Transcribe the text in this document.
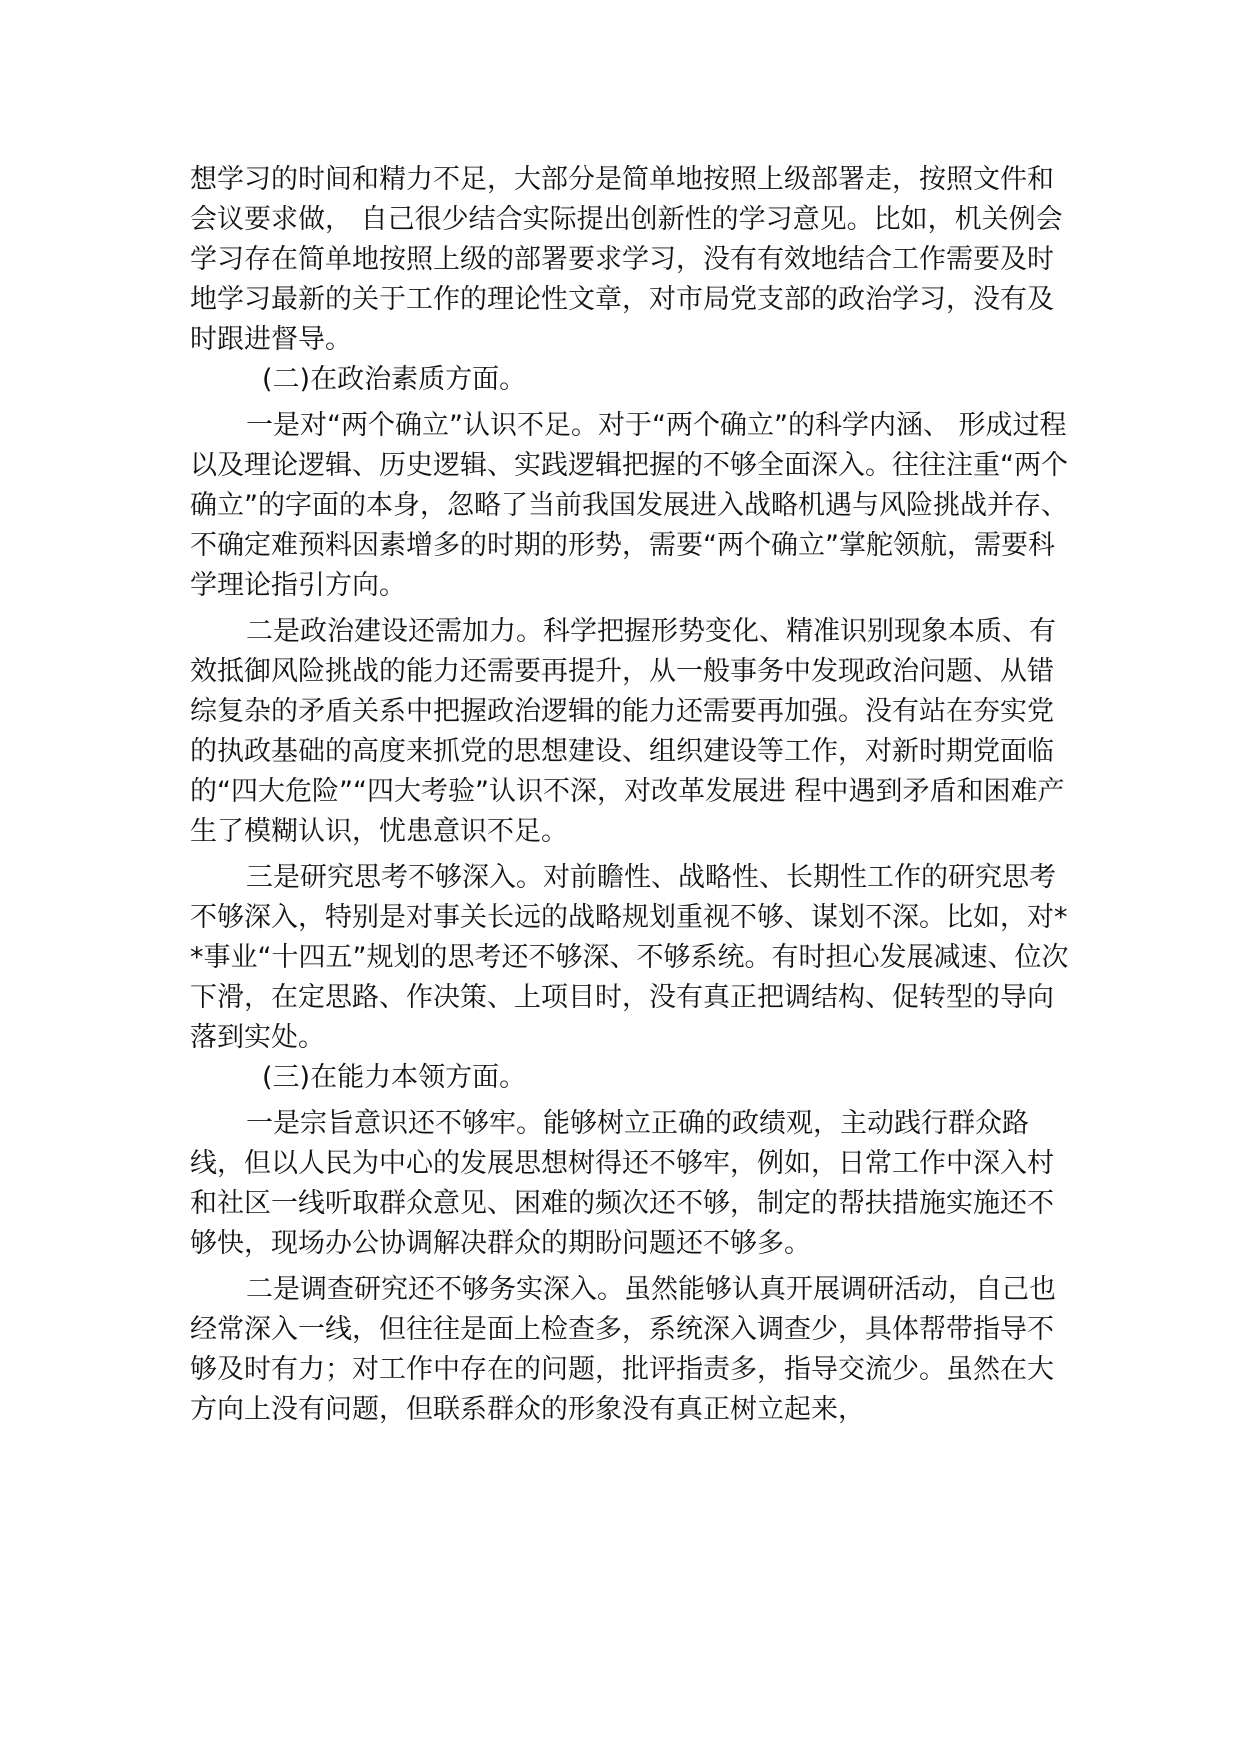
想学习的时间和精力不足，大部分是简单地按照上级部署走，按照文件和会议要求做， 自己很少结合实际提出创新性的学习意见。比如，机关例会学习存在简单地按照上级的部署要求学习，没有有效地结合工作需要及时地学习最新的关于工作的理论性文章，对市局党支部的政治学习，没有及时跟进督导。

(二)在政治素质方面。

一是对“两个确立”认识不足。对于“两个确立”的科学内涵、 形成过程以及理论逻辑、历史逻辑、实践逻辑把握的不够全面深入。往往注重“两个确立”的字面的本身，忽略了当前我国发展进入战略机遇与风险挑战并存、不确定难预料因素增多的时期的形势，需要“两个确立”掌舵领航，需要科学理论指引方向。

二是政治建设还需加力。科学把握形势变化、精准识别现象本质、有效抵御风险挑战的能力还需要再提升，从一般事务中发现政治问题、从错综复杂的矛盾关系中把握政治逻辑的能力还需要再加强。没有站在夯实党的执政基础的高度来抓党的思想建设、组织建设等工作，对新时期党面临的“四大危险”“四大考验”认识不深，对改革发展进 程中遇到矛盾和困难产生了模糊认识，忧患意识不足。

三是研究思考不够深入。对前瞻性、战略性、长期性工作的研究思考不够深入，特别是对事关长远的战略规划重视不够、谋划不深。比如，对**事业“十四五”规划的思考还不够深、不够系统。有时担心发展减速、位次下滑，在定思路、作决策、上项目时，没有真正把调结构、促转型的导向落到实处。

(三)在能力本领方面。

一是宗旨意识还不够牢。能够树立正确的政绩观，主动践行群众路线，但以人民为中心的发展思想树得还不够牢，例如，日常工作中深入村和社区一线听取群众意见、困难的频次还不够，制定的帮扶措施实施还不够快，现场办公协调解决群众的期盼问题还不够多。

二是调查研究还不够务实深入。虽然能够认真开展调研活动，自己也经常深入一线，但往往是面上检查多，系统深入调查少，具体帮带指导不够及时有力；对工作中存在的问题，批评指责多，指导交流少。虽然在大方向上没有问题，但联系群众的形象没有真正树立起来，
